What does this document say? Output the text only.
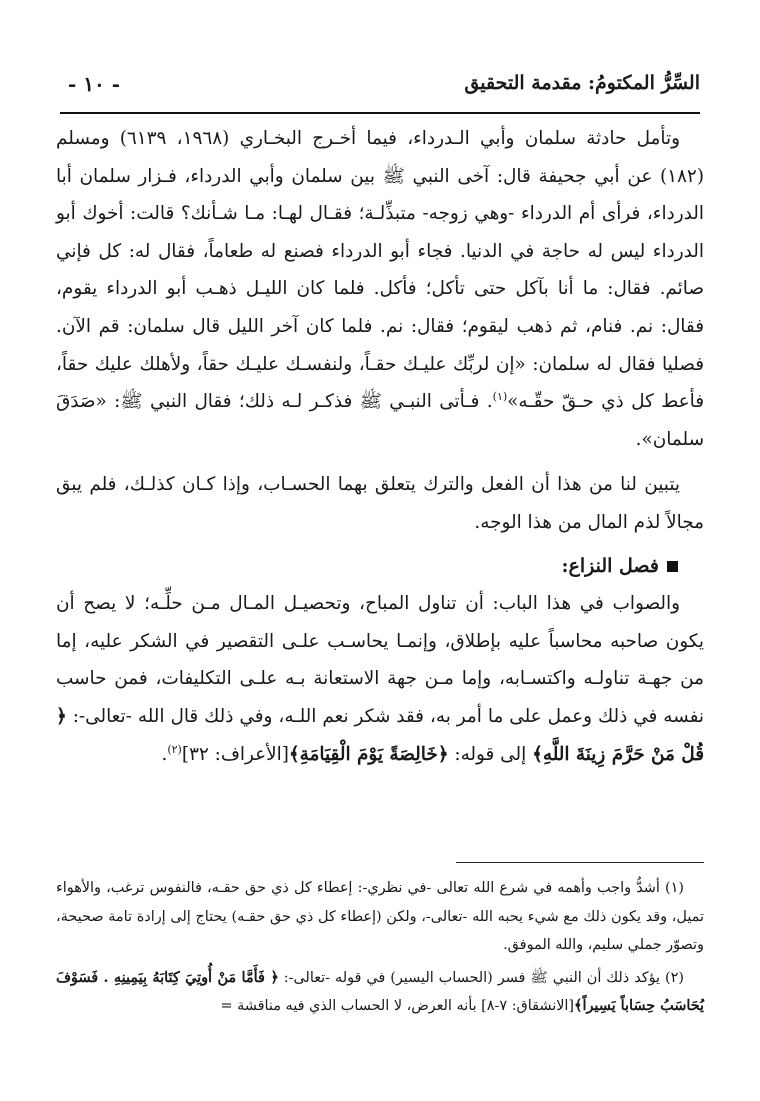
السِّرُّ المكتومُ: مقدمة التحقيق
- ١٠ -

وتأمل حادثة سلمان وأبي الـدرداء، فيما أخـرج البخـاري (١٩٦٨، ٦١٣٩) ومسلم (١٨٢) عن أبي جحيفة قال: آخى النبي ﷺ بين سلمان وأبي الدرداء، فـزار سلمان أبا الدرداء، فرأى أم الدرداء -وهي زوجه- متبذِّلـة؛ فقـال لهـا: مـا شـأنك؟ قالت: أخوك أبو الدرداء ليس له حاجة في الدنيا. فجاء أبو الدرداء فصنع له طعاماً، فقال له: كل فإني صائم. فقال: ما أنا بآكل حتى تأكل؛ فأكل. فلما كان الليـل ذهـب أبو الدرداء يقوم، فقال: نم. فنام، ثم ذهب ليقوم؛ فقال: نم. فلما كان آخر الليل قال سلمان: قم الآن. فصليا فقال له سلمان: «إن لربِّك عليـك حقـاً، ولنفسـك عليـك حقاً، ولأهلك عليك حقاً، فأعط كل ذي حـقّ حقّـه»$^{(١)}$. فـأتى النبـي ﷺ فذكـر لـه ذلك؛ فقال النبي ﷺ: «صَدَقَ سلمان».

يتبين لنا من هذا أن الفعل والترك يتعلق بهما الحسـاب، وإذا كـان كذلـك، فلم يبق مجالاً لذم المال من هذا الوجه.

فصل النزاع:

والصواب في هذا الباب: أن تناول المباح، وتحصيـل المـال مـن حلِّـه؛ لا يصح أن يكون صاحبه محاسباً عليه بإطلاق، وإنمـا يحاسـب علـى التقصير في الشكر عليه، إما من جهـة تناولـه واكتسـابه، وإما مـن جهة الاستعانة بـه علـى التكليفات، فمن حاسب نفسه في ذلك وعمل على ما أمر به، فقد شكر نعم اللـه، وفي ذلك قال الله -تعالى-: ﴿ قُلْ مَنْ حَرَّمَ زِينَةَ اللَّهِ﴾ إلى قوله: ﴿خَالِصَةً يَوْمَ الْقِيَامَةِ﴾[الأعراف: ٣٢]$^{(٢)}$.

(١) أشدُّ واجب وأهمه في شرع الله تعالى -في نظري-: إعطاء كل ذي حق حقـه، فالنفوس ترغب، والأهواء تميل، وقد يكون ذلك مع شيء يحبه الله -تعالى-، ولكن (إعطاء كل ذي حق حقـه) يحتاج إلى إرادة تامة صحيحة، وتصوّر جملي سليم، والله الموفق.

(٢) يؤكد ذلك أن النبي ﷺ فسر (الحساب اليسير) في قوله -تعالى-: ﴿ فَأَمَّا مَنْ أُوتِيَ كِتَابَهُ بِيَمِينِهِ . فَسَوْفَ يُحَاسَبُ حِسَاباً يَسِيراً﴾[الانشقاق: ٧-٨] بأنه العرض، لا الحساب الذي فيه مناقشة =
